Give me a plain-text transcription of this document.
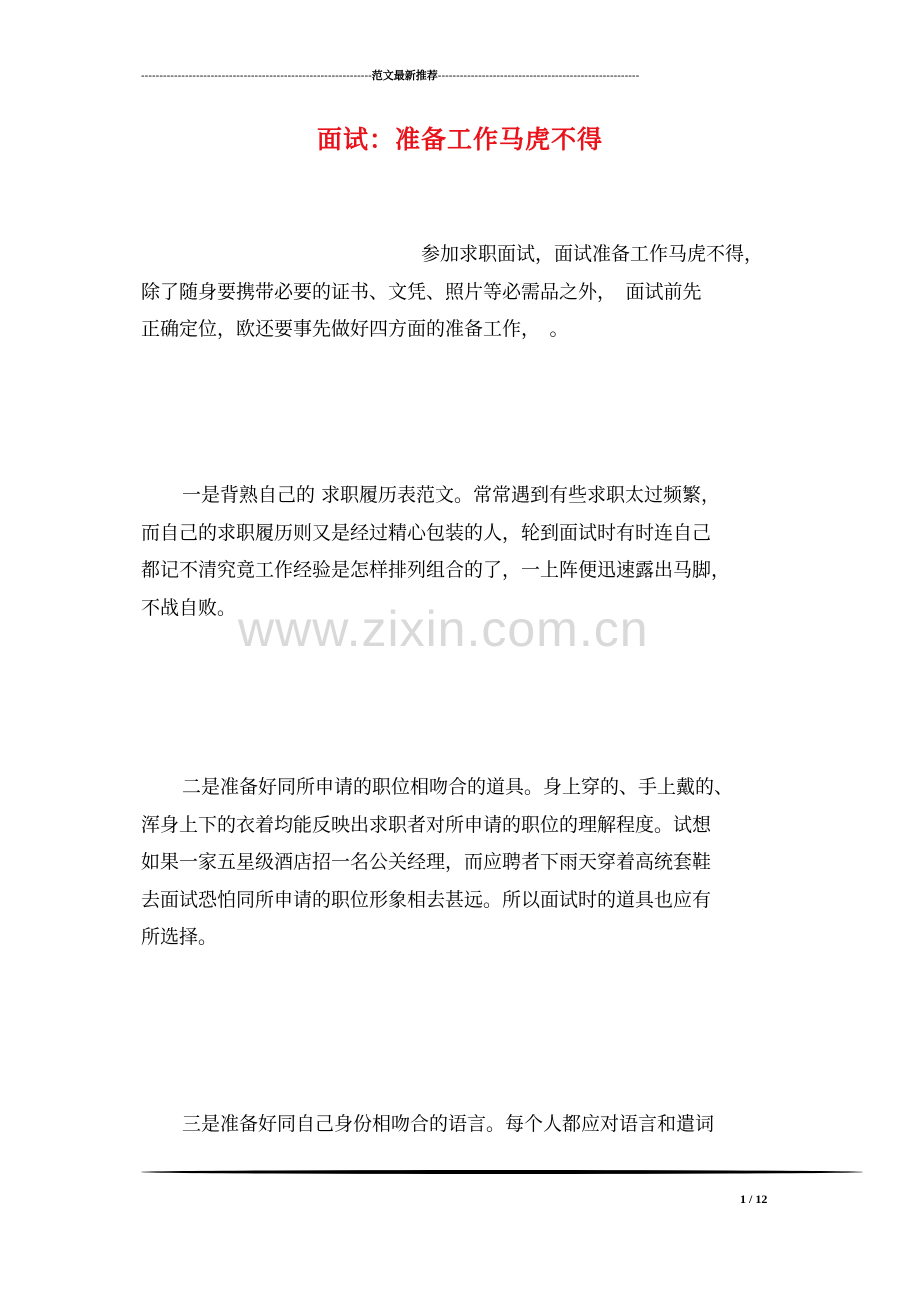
---------------------------------------------------------------范文最新推荐-------------------------------------------------------
面试：准备工作马虎不得
参加求职面试，面试准备工作马虎不得，
除了随身要携带必要的证书、文凭、照片等必需品之外，　面试前先
正确定位，欧还要事先做好四方面的准备工作，　。
一是背熟自己的 求职履历表范文。常常遇到有些求职太过频繁，
而自己的求职履历则又是经过精心包装的人，轮到面试时有时连自己
都记不清究竟工作经验是怎样排列组合的了，一上阵便迅速露出马脚，
不战自败。
二是准备好同所申请的职位相吻合的道具。身上穿的、手上戴的、
浑身上下的衣着均能反映出求职者对所申请的职位的理解程度。试想
如果一家五星级酒店招一名公关经理，而应聘者下雨天穿着高统套鞋
去面试恐怕同所申请的职位形象相去甚远。所以面试时的道具也应有
所选择。
三是准备好同自己身份相吻合的语言。每个人都应对语言和遣词
www.zixin.com.cn
1 / 12
